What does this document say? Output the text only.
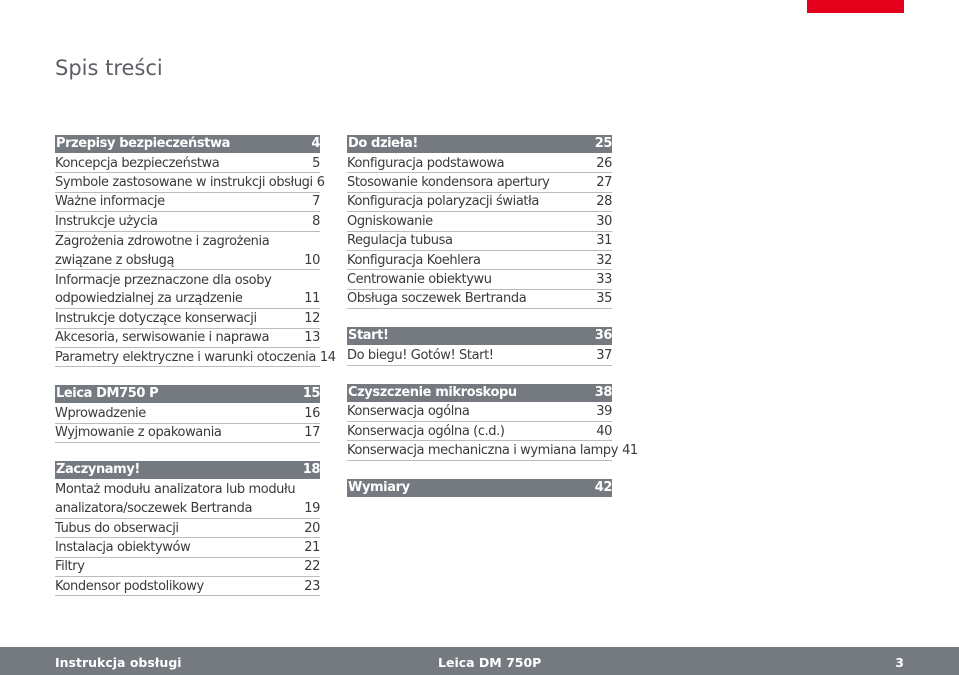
Spis treści
Przepisy bezpieczeństwa	4
Koncepcja bezpieczeństwa	5
Symbole zastosowane w instrukcji obsługi 6
Ważne informacje	7
Instrukcje użycia	8
Zagrożenia zdrowotne i zagrożenia
związane z obsługą	10
Informacje przeznaczone dla osoby
odpowiedzialnej za urządzenie	11
Instrukcje dotyczące konserwacji	12
Akcesoria, serwisowanie i naprawa	13
Parametry elektryczne i warunki otoczenia 14
Leica DM750 P	15
Wprowadzenie	16
Wyjmowanie z opakowania	17
Zaczynamy!	18
Montaż modułu analizatora lub modułu
analizatora/soczewek Bertranda	19
Tubus do obserwacji	20
Instalacja obiektywów	21
Filtry	22
Kondensor podstolikowy	23
Do dzieła!	25
Konfiguracja podstawowa	26
Stosowanie kondensora apertury	27
Konfiguracja polaryzacji światła	28
Ogniskowanie	30
Regulacja tubusa	31
Konfiguracja Koehlera	32
Centrowanie obiektywu	33
Obsługa soczewek Bertranda	35
Start!	36
Do biegu! Gotów! Start!	37
Czyszczenie mikroskopu	38
Konserwacja ogólna	39
Konserwacja ogólna (c.d.)	40
Konserwacja mechaniczna i wymiana lampy 41
Wymiary	42
Instrukcja obsługi	Leica DM 750P	3
